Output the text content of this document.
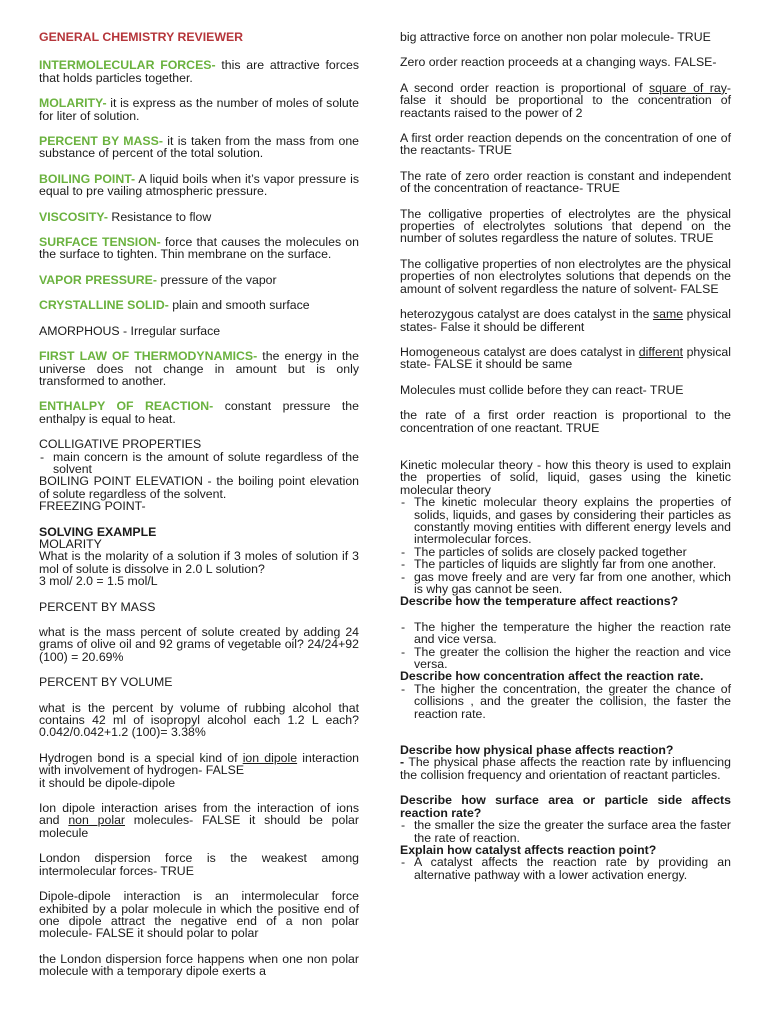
GENERAL CHEMISTRY REVIEWER
INTERMOLECULAR FORCES- this are attractive forces that holds particles together.
MOLARITY- it is express as the number of moles of solute for liter of solution.
PERCENT BY MASS- it is taken from the mass from one substance of percent of the total solution.
BOILING POINT- A liquid boils when it’s vapor pressure is equal to pre vailing atmospheric pressure.
VISCOSITY- Resistance to flow
SURFACE TENSION- force that causes the molecules on the surface to tighten. Thin membrane on the surface.
VAPOR PRESSURE- pressure of the vapor
CRYSTALLINE SOLID- plain and smooth surface
AMORPHOUS - Irregular surface
FIRST LAW OF THERMODYNAMICS- the energy in the universe does not change in amount but is only transformed to another.
ENTHALPY OF REACTION- constant pressure the enthalpy is equal to heat.
COLLIGATIVE PROPERTIES
- main concern is the amount of solute regardless of the solvent
BOILING POINT ELEVATION - the boiling point elevation of solute regardless of the solvent.
FREEZING POINT-
SOLVING EXAMPLE
MOLARITY
What is the molarity of a solution if 3 moles of solution if 3 mol of solute is dissolve in 2.0 L solution?
3 mol/ 2.0 = 1.5 mol/L
PERCENT BY MASS
what is the mass percent of solute created by adding 24 grams of olive oil and 92 grams of vegetable oil? 24/24+92 (100) = 20.69%
PERCENT BY VOLUME
what is the percent by volume of rubbing alcohol that contains 42 ml of isopropyl alcohol each 1.2 L each? 0.042/0.042+1.2 (100)= 3.38%
Hydrogen bond is a special kind of ion dipole interaction with involvement of hydrogen- FALSE
it should be dipole-dipole
Ion dipole interaction arises from the interaction of ions and non polar molecules- FALSE it should be polar molecule
London dispersion force is the weakest among intermolecular forces- TRUE
Dipole-dipole interaction is an intermolecular force exhibited by a polar molecule in which the positive end of one dipole attract the negative end of a non polar molecule- FALSE it should polar to polar
the London dispersion force happens when one non polar molecule with a temporary dipole exerts a
big attractive force on another non polar molecule- TRUE
Zero order reaction proceeds at a changing ways. FALSE-
A second order reaction is proportional of square of ray- false it should be proportional to the concentration of reactants raised to the power of 2
A first order reaction depends on the concentration of one of the reactants- TRUE
The rate of zero order reaction is constant and independent of the concentration of reactance- TRUE
The colligative properties of electrolytes are the physical properties of electrolytes solutions that depend on the number of solutes regardless the nature of solutes. TRUE
The colligative properties of non electrolytes are the physical properties of non electrolytes solutions that depends on the amount of solvent regardless the nature of solvent- FALSE
heterozygous catalyst are does catalyst in the same physical states- False it should be different
Homogeneous catalyst are does catalyst in different physical state- FALSE it should be same
Molecules must collide before they can react- TRUE
the rate of a first order reaction is proportional to the concentration of one reactant. TRUE
Kinetic molecular theory - how this theory is used to explain the properties of solid, liquid, gases using the kinetic molecular theory
- The kinetic molecular theory explains the properties of solids, liquids, and gases by considering their particles as constantly moving entities with different energy levels and intermolecular forces.
- The particles of solids are closely packed together
- The particles of liquids are slightly far from one another.
- gas move freely and are very far from one another, which is why gas cannot be seen.
Describe how the temperature affect reactions?
- The higher the temperature the higher the reaction rate and vice versa.
- The greater the collision the higher the reaction and vice versa.
Describe how concentration affect the reaction rate.
- The higher the concentration, the greater the chance of collisions , and the greater the collision, the faster the reaction rate.
Describe how physical phase affects reaction?
- The physical phase affects the reaction rate by influencing the collision frequency and orientation of reactant particles.
Describe how surface area or particle side affects reaction rate?
- the smaller the size the greater the surface area the faster the rate of reaction.
Explain how catalyst affects reaction point?
- A catalyst affects the reaction rate by providing an alternative pathway with a lower activation energy.
